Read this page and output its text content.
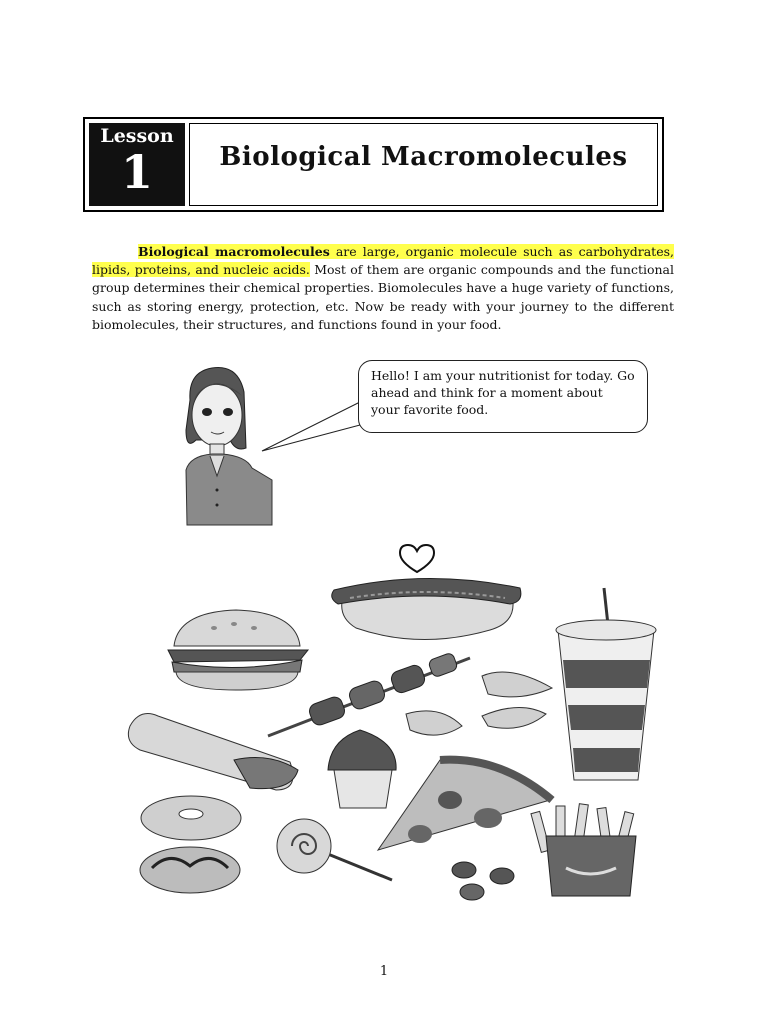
Lesson
1	Biological Macromolecules

Biological macromolecules are large, organic molecule such as carbohydrates, lipids, proteins, and nucleic acids. Most of them are organic compounds and the functional group determines their chemical properties. Biomolecules have a huge variety of functions, such as storing energy, protection, etc. Now be ready with your journey to the different biomolecules, their structures, and functions found in your food.

Hello! I am your nutritionist for today. Go ahead and think for a moment about your favorite food.
1
